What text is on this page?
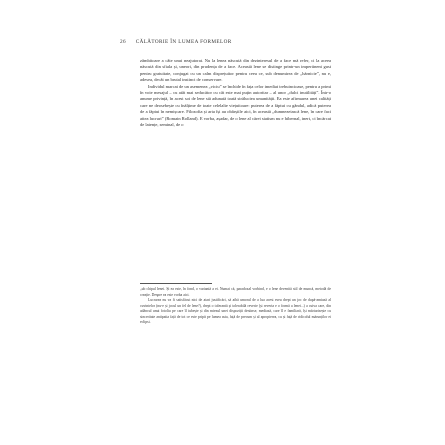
26 CĂLĂTORIE ÎN LUMEA FORMELOR

zâmbitoare a câte unui neajutorat. Nu la lenea născută din dezinteresul de a face mă refer, ci la aceea născută din sfiala și, uneori, din prudența de a face. Această lene se distinge printr-un impertinent gust pentru gratuitate, conjugat cu un calm disprețuitor pentru ceea ce, sub denumirea de „hărnicie”, nu e, adesea, decât un brutal instinct de conservare.

Individul marcat de un asemenea „viciu” se închide în fața celor imediat trebuincioase, pentru a primi în voie mesajul – cu atât mai seducător cu cât este mai puțin autoritar – al unor „dulci inutilități”. Într-o anume privință, în acest soi de lene stă adunată toată străluciea umanității. Ea este afirmarea unei calități care ne deosebește cu înălțime de toate celelalte viețuitoare: puterea de a făptui cu gândul, adică puterea de a făptui în nemișcare. Filozofia și arta își au obârșiile aici, în această „dumnezeiască lene, în care faci attea lucruri” (Romain Rolland). E vorba, așadar, de o lene al cărei statism nu e hibernal, inert, ci încărcat de latențe, seminal, de o

„ub chipul lenei. Și ea este, în fond, o variantă a ei. Numai că, paradoxal vorbind, e o lene devenită stil de muncă, metodă de creație. Despre ea este vorba aici.

Lucrarea nu va fi satisfăcut nici de atari justificări, să aibă umorul de a lua acest eseu drept un joc de după-amiază al cuvintelor (nu-e și jocul un fel de lene?), drept o tolerantă și tolerabilă reverie (și reveria e o formă a lenei...) a cuiva care, din adâncul unui fotoliu pe care îl iubește și din miezul unei dispoziții destinse, mediază, care îl e familiară, își mărturisește cu sinceritate antipatia față de tot ce este pripit pe lumea asta, față de precum și al apropierea, cu și față de ridicolul mărunților ei eclipsi.
